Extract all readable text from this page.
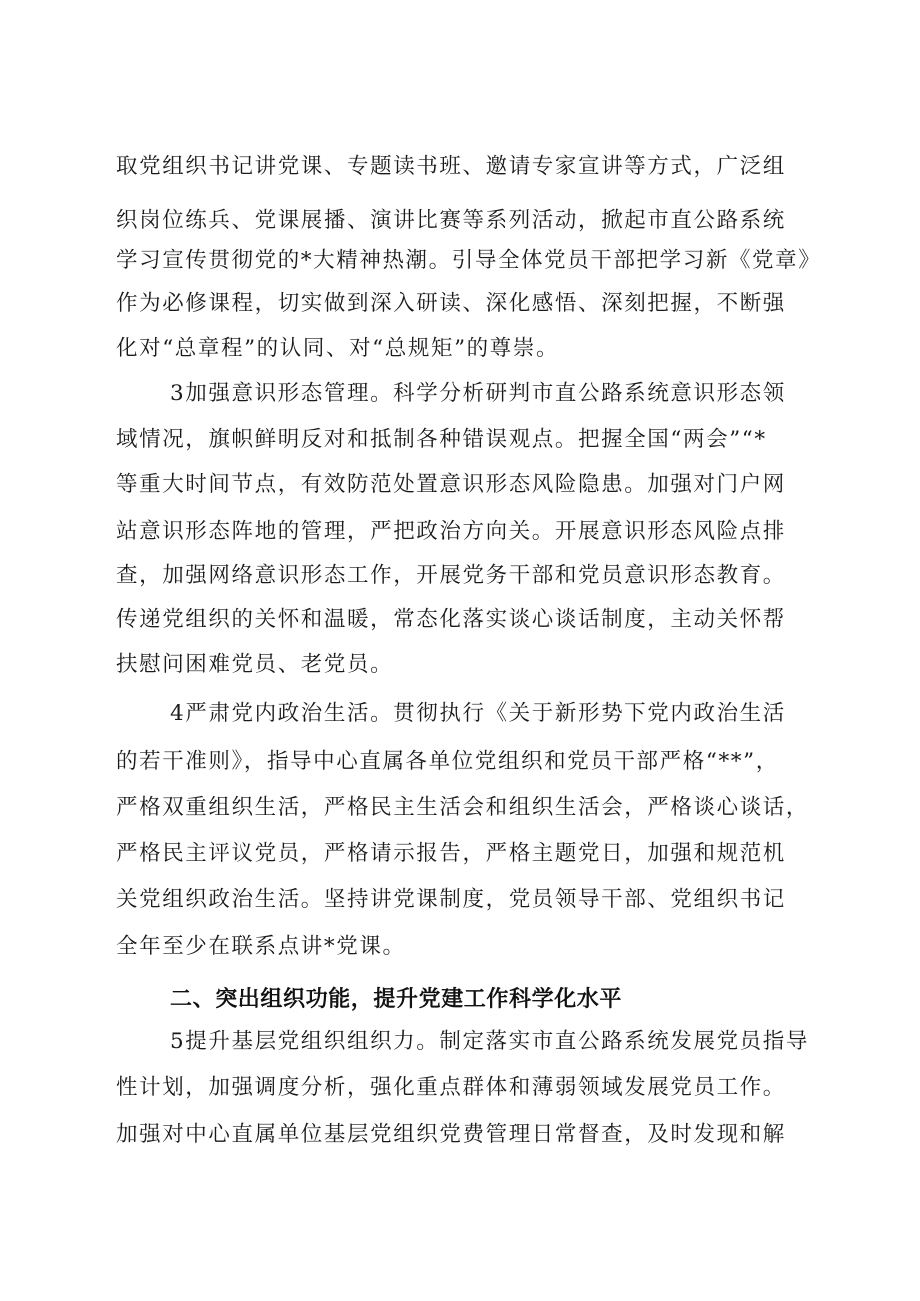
取党组织书记讲党课、专题读书班、邀请专家宣讲等方式，广泛组
织岗位练兵、党课展播、演讲比赛等系列活动，掀起市直公路系统
学习宣传贯彻党的*大精神热潮。引导全体党员干部把学习新《党章》
作为必修课程，切实做到深入研读、深化感悟、深刻把握，不断强
化对“总章程”的认同、对“总规矩”的尊崇。
3加强意识形态管理。科学分析研判市直公路系统意识形态领
域情况，旗帜鲜明反对和抵制各种错误观点。把握全国“两会”“*
等重大时间节点，有效防范处置意识形态风险隐患。加强对门户网
站意识形态阵地的管理，严把政治方向关。开展意识形态风险点排
查，加强网络意识形态工作，开展党务干部和党员意识形态教育。
传递党组织的关怀和温暖，常态化落实谈心谈话制度，主动关怀帮
扶慰问困难党员、老党员。
4严肃党内政治生活。贯彻执行《关于新形势下党内政治生活
的若干准则》，指导中心直属各单位党组织和党员干部严格“**”，
严格双重组织生活，严格民主生活会和组织生活会，严格谈心谈话，
严格民主评议党员，严格请示报告，严格主题党日，加强和规范机
关党组织政治生活。坚持讲党课制度，党员领导干部、党组织书记
全年至少在联系点讲*党课。
5提升基层党组织组织力。制定落实市直公路系统发展党员指导
性计划，加强调度分析，强化重点群体和薄弱领域发展党员工作。
加强对中心直属单位基层党组织党费管理日常督查，及时发现和解
二、突出组织功能，提升党建工作科学化水平
